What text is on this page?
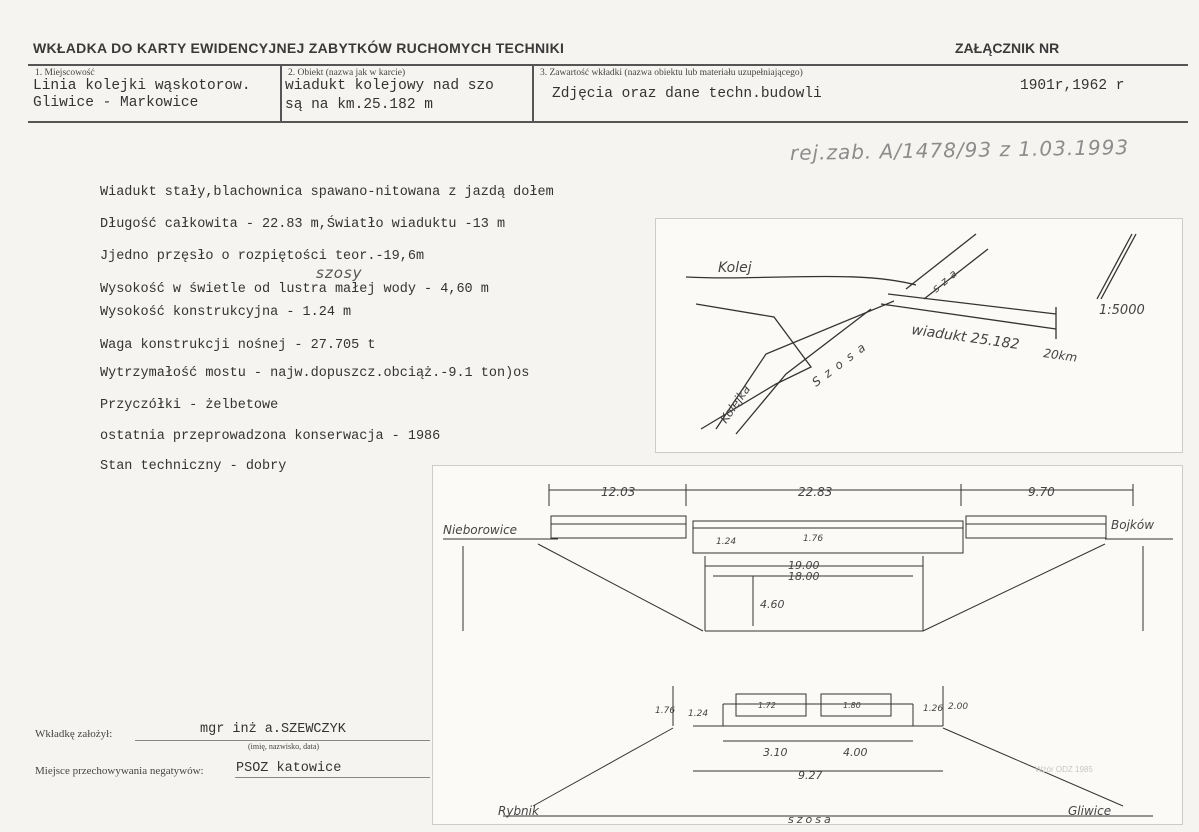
WKŁADKA DO KARTY EWIDENCYJNEJ ZABYTKÓW RUCHOMYCH TECHNIKI	ZAŁĄCZNIK NR
1. Miejscowość
Linia kolejki wąskotorow.
Gliwice - Markowice
2. Obiekt (nazwa jak w karcie)
wiadukt kolejowy nad szo
są na km.25.182 m
3. Zawartość wkładki (nazwa obiektu lub materiału uzupełniającego)
Zdjęcia oraz dane techn.budowli	1901r,1962 r
rej.zab. A/1478/93 z 1.03.1993
Wiadukt stały,blachownica spawano-nitowana z jazdą dołem
Długość całkowita - 22.83 m,Światło wiaduktu -13 m
Jjedno przęsło o rozpiętości teor.-19,6m
szosy
Wysokość w świetle od lustra małej wody - 4,60 m
Wysokość konstrukcyjna - 1.24 m
Waga konstrukcji nośnej - 27.705 t
Wytrzymałość mostu - najw.dopuszcz.obciąż.-9.1 ton)os
Przyczółki - żelbetowe
ostatnia przeprowadzona konserwacja - 1986
Stan techniczny - dobry
Kolej
Kolejka
Szosa
sza
wiadukt 25.182
20km
1:5000
12.03	22.83	9.70
Nieborowice	Bojków
19.00
18.00
4.60
1.24	1.76
1.76 1.24	1.26 2.00
1.72	1.80
3.10	4.00
9.27
Rybnik
szosa
Gliwice
Wkładkę założył:	mgr inż a.SZEWCZYK
(imię, nazwisko, data)
Miejsce przechowywania negatywów: PSOZ katowice	Wzór ODZ 1985
